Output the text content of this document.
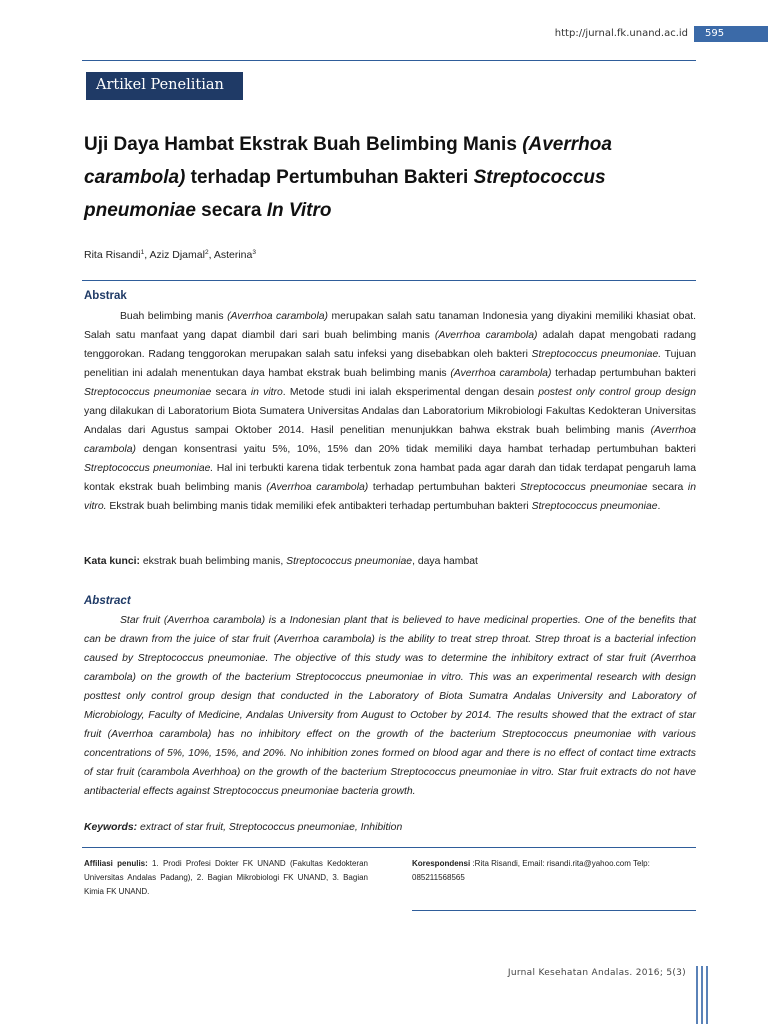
http://jurnal.fk.unand.ac.id	595
Artikel Penelitian
Uji Daya Hambat Ekstrak Buah Belimbing Manis (Averrhoa carambola) terhadap Pertumbuhan Bakteri Streptococcus pneumoniae secara In Vitro
Rita Risandi$^1$, Aziz Djamal$^2$, Asterina$^3$
Abstrak

Buah belimbing manis (Averrhoa carambola) merupakan salah satu tanaman Indonesia yang diyakini memiliki khasiat obat. Salah satu manfaat yang dapat diambil dari sari buah belimbing manis (Averrhoa carambola) adalah dapat mengobati radang tenggorokan. Radang tenggorokan merupakan salah satu infeksi yang disebabkan oleh bakteri Streptococcus pneumoniae. Tujuan penelitian ini adalah menentukan daya hambat ekstrak buah belimbing manis (Averrhoa carambola) terhadap pertumbuhan bakteri Streptococcus pneumoniae secara in vitro. Metode studi ini ialah eksperimental dengan desain postest only control group design yang dilakukan di Laboratorium Biota Sumatera Universitas Andalas dan Laboratorium Mikrobiologi Fakultas Kedokteran Universitas Andalas dari Agustus sampai Oktober 2014. Hasil penelitian menunjukkan bahwa ekstrak buah belimbing manis (Averrhoa carambola) dengan konsentrasi yaitu 5%, 10%, 15% dan 20% tidak memiliki daya hambat terhadap pertumbuhan bakteri Streptococcus pneumoniae. Hal ini terbukti karena tidak terbentuk zona hambat pada agar darah dan tidak terdapat pengaruh lama kontak ekstrak buah belimbing manis (Averrhoa carambola) terhadap pertumbuhan bakteri Streptococcus pneumoniae secara in vitro. Ekstrak buah belimbing manis tidak memiliki efek antibakteri terhadap pertumbuhan bakteri Streptococcus pneumoniae.

Kata kunci: ekstrak buah belimbing manis, Streptococcus pneumoniae, daya hambat
Abstract

Star fruit (Averrhoa carambola) is a Indonesian plant that is believed to have medicinal properties. One of the benefits that can be drawn from the juice of star fruit (Averrhoa carambola) is the ability to treat strep throat. Strep throat is a bacterial infection caused by Streptococcus pneumoniae. The objective of this study was to determine the inhibitory extract of star fruit (Averrhoa carambola) on the growth of the bacterium Streptococcus pneumoniae in vitro. This was an experimental research with design posttest only control group design that conducted in the Laboratory of Biota Sumatra Andalas University and Laboratory of Microbiology, Faculty of Medicine, Andalas University from August to October by 2014. The results showed that the extract of star fruit (Averrhoa carambola) has no inhibitory effect on the growth of the bacterium Streptococcus pneumoniae with various concentrations of 5%, 10%, 15%, and 20%. No inhibition zones formed on blood agar and there is no effect of contact time extracts of star fruit (carambola Averhhoa) on the growth of the bacterium Streptococcus pneumoniae in vitro. Star fruit extracts do not have antibacterial effects against Streptococcus pneumoniae bacteria growth.

Keywords: extract of star fruit, Streptococcus pneumoniae, Inhibition
Affiliasi penulis: 1. Prodi Profesi Dokter FK UNAND (Fakultas Kedokteran Universitas Andalas Padang), 2. Bagian Mikrobiologi FK UNAND, 3. Bagian Kimia FK UNAND.
Korespondensi :Rita Risandi, Email: risandi.rita@yahoo.com Telp: 085211568565
Jurnal Kesehatan Andalas. 2016; 5(3)
